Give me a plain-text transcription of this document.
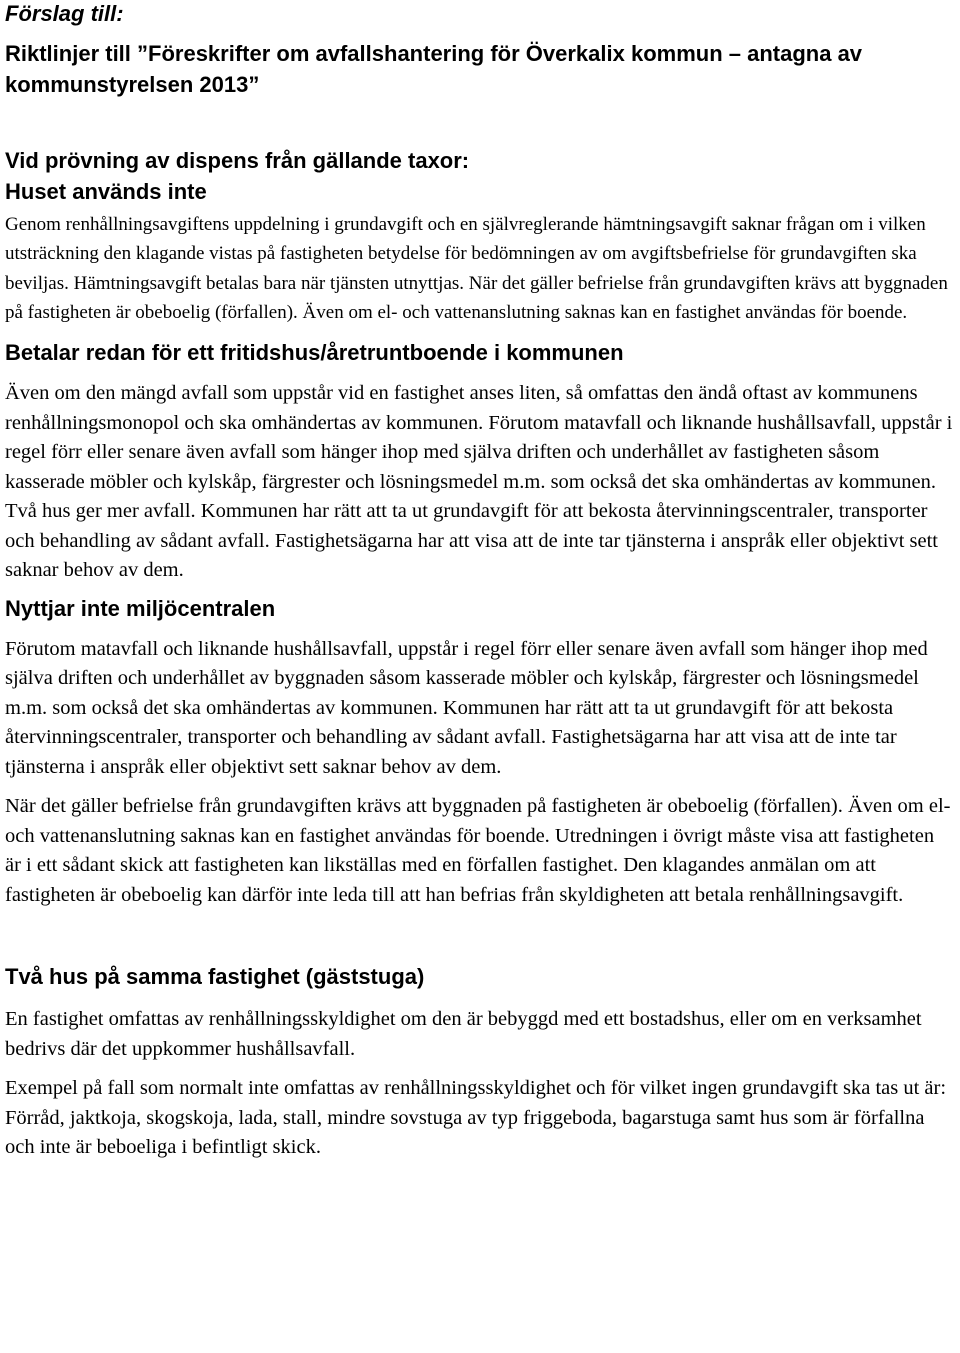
Förslag till:

Riktlinjer till ”Föreskrifter om avfallshantering för Överkalix kommun – antagna av kommunstyrelsen 2013”

Vid prövning av dispens från gällande taxor:

Huset används inte

Genom renhållningsavgiftens uppdelning i grundavgift och en självreglerande hämtningsavgift saknar frågan om i vilken utsträckning den klagande vistas på fastigheten betydelse för bedömningen av om avgiftsbefrielse för grundavgiften ska beviljas. Hämtningsavgift betalas bara när tjänsten utnyttjas. När det gäller befrielse från grundavgiften krävs att byggnaden på fastigheten är obeboelig (förfallen). Även om el- och vattenanslutning saknas kan en fastighet användas för boende.

Betalar redan för ett fritidshus/åretruntboende i kommunen

Även om den mängd avfall som uppstår vid en fastighet anses liten, så omfattas den ändå oftast av kommunens renhållningsmonopol och ska omhändertas av kommunen. Förutom matavfall och liknande hushållsavfall, uppstår i regel förr eller senare även avfall som hänger ihop med själva driften och underhållet av fastigheten såsom kasserade möbler och kylskåp, färgrester och lösningsmedel m.m. som också det ska omhändertas av kommunen. Två hus ger mer avfall. Kommunen har rätt att ta ut grundavgift för att bekosta återvinningscentraler, transporter och behandling av sådant avfall. Fastighetsägarna har att visa att de inte tar tjänsterna i anspråk eller objektivt sett saknar behov av dem.

Nyttjar inte miljöcentralen

Förutom matavfall och liknande hushållsavfall, uppstår i regel förr eller senare även avfall som hänger ihop med själva driften och underhållet av byggnaden såsom kasserade möbler och kylskåp, färgrester och lösningsmedel m.m. som också det ska omhändertas av kommunen. Kommunen har rätt att ta ut grundavgift för att bekosta återvinningscentraler, transporter och behandling av sådant avfall. Fastighetsägarna har att visa att de inte tar tjänsterna i anspråk eller objektivt sett saknar behov av dem.

När det gäller befrielse från grundavgiften krävs att byggnaden på fastigheten är obeboelig (förfallen). Även om el- och vattenanslutning saknas kan en fastighet användas för boende. Utredningen i övrigt måste visa att fastigheten är i ett sådant skick att fastigheten kan likställas med en förfallen fastighet. Den klagandes anmälan om att fastigheten är obeboelig kan därför inte leda till att han befrias från skyldigheten att betala renhållningsavgift.

Två hus på samma fastighet (gäststuga)

En fastighet omfattas av renhållningsskyldighet om den är bebyggd med ett bostadshus, eller om en verksamhet bedrivs där det uppkommer hushållsavfall.

Exempel på fall som normalt inte omfattas av renhållningsskyldighet och för vilket ingen grundavgift ska tas ut är: Förråd, jaktkoja, skogskoja, lada, stall, mindre sovstuga av typ friggeboda, bagarstuga samt hus som är förfallna och inte är beboeliga i befintligt skick.
